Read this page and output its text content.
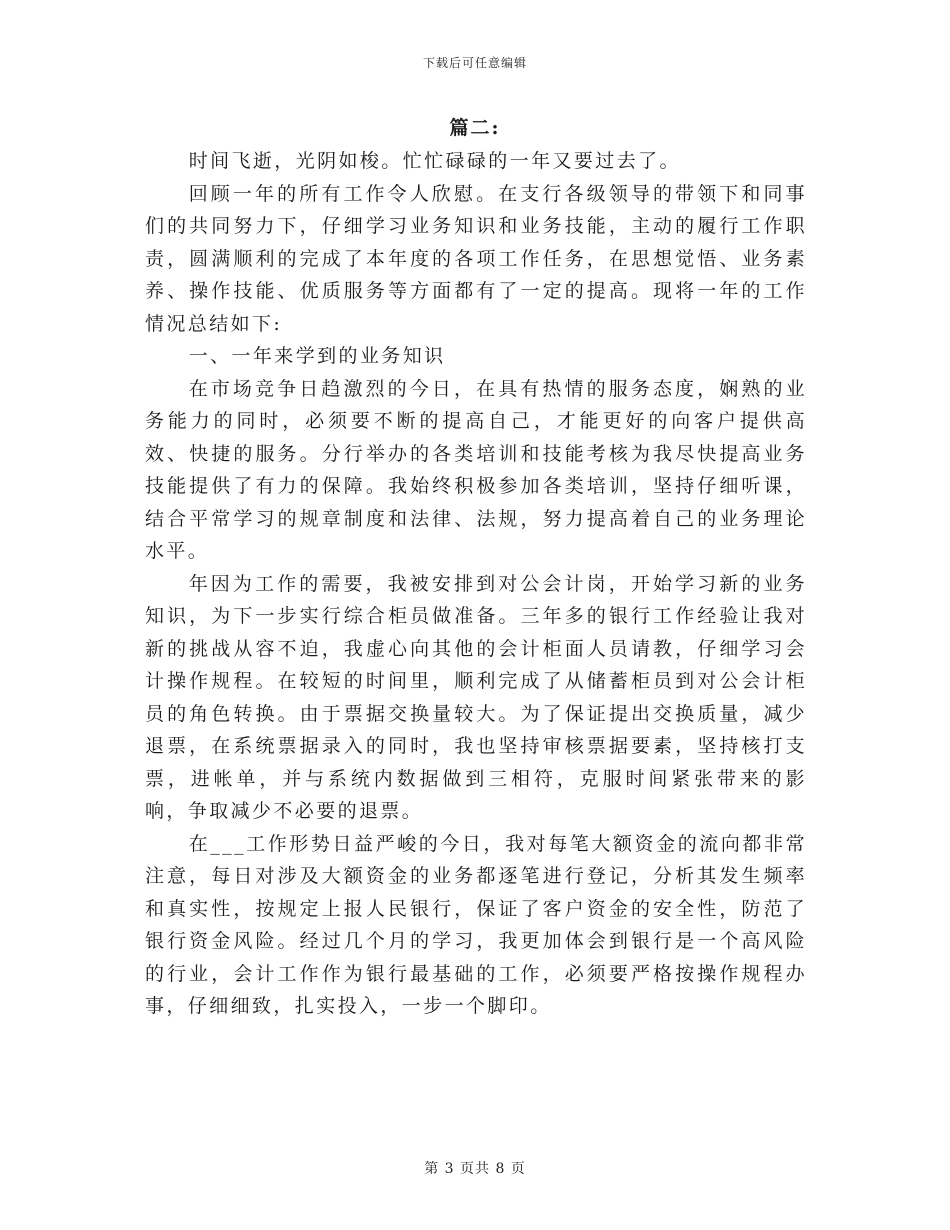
下载后可任意编辑
篇二:

时间飞逝，光阴如梭。忙忙碌碌的一年又要过去了。

回顾一年的所有工作令人欣慰。在支行各级领导的带领下和同事们的共同努力下，仔细学习业务知识和业务技能，主动的履行工作职责，圆满顺利的完成了本年度的各项工作任务，在思想觉悟、业务素养、操作技能、优质服务等方面都有了一定的提高。现将一年的工作情况总结如下:

一、一年来学到的业务知识

在市场竞争日趋激烈的今日，在具有热情的服务态度，娴熟的业务能力的同时，必须要不断的提高自己，才能更好的向客户提供高效、快捷的服务。分行举办的各类培训和技能考核为我尽快提高业务技能提供了有力的保障。我始终积极参加各类培训，坚持仔细听课，结合平常学习的规章制度和法律、法规，努力提高着自己的业务理论水平。

年因为工作的需要，我被安排到对公会计岗，开始学习新的业务知识，为下一步实行综合柜员做准备。三年多的银行工作经验让我对新的挑战从容不迫，我虚心向其他的会计柜面人员请教，仔细学习会计操作规程。在较短的时间里，顺利完成了从储蓄柜员到对公会计柜员的角色转换。由于票据交换量较大。为了保证提出交换质量，减少退票，在系统票据录入的同时，我也坚持审核票据要素，坚持核打支票，进帐单，并与系统内数据做到三相符，克服时间紧张带来的影响，争取减少不必要的退票。

在___工作形势日益严峻的今日，我对每笔大额资金的流向都非常注意，每日对涉及大额资金的业务都逐笔进行登记，分析其发生频率和真实性，按规定上报人民银行，保证了客户资金的安全性，防范了银行资金风险。经过几个月的学习，我更加体会到银行是一个高风险的行业，会计工作作为银行最基础的工作，必须要严格按操作规程办事，仔细细致，扎实投入，一步一个脚印。

第 3 页共 8 页
